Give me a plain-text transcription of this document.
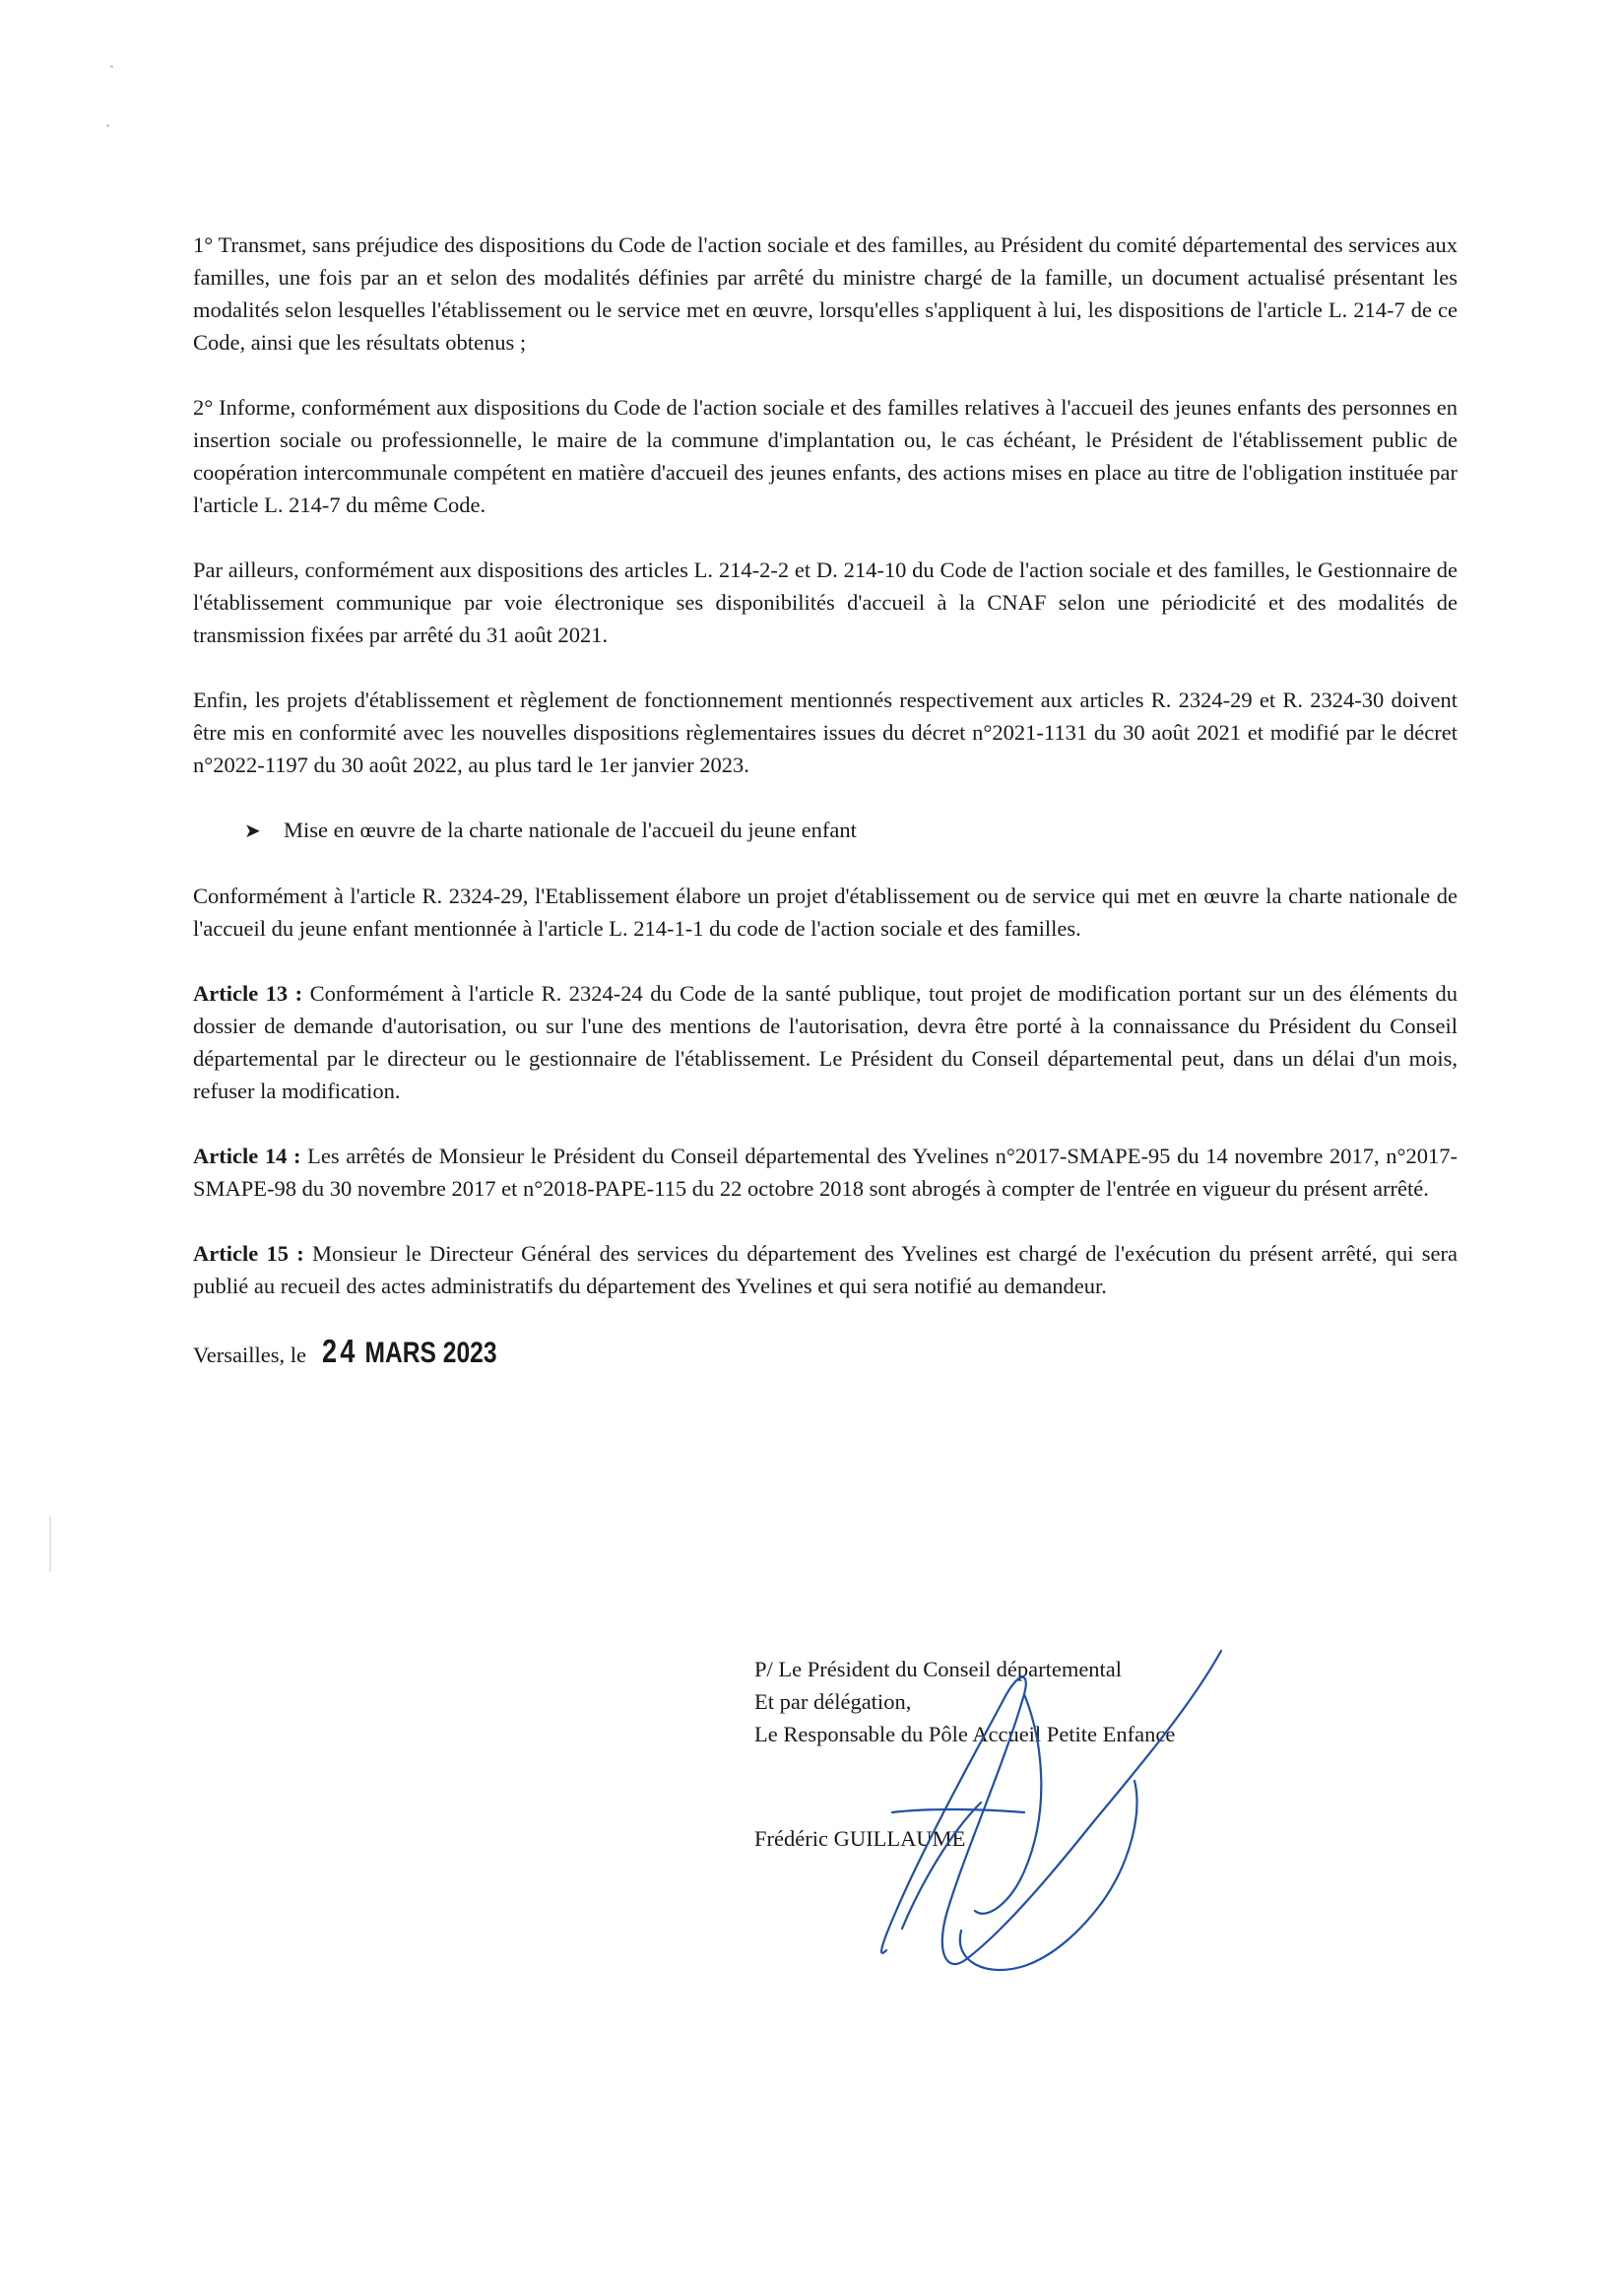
1° Transmet, sans préjudice des dispositions du Code de l'action sociale et des familles, au Président du comité départemental des services aux familles, une fois par an et selon des modalités définies par arrêté du ministre chargé de la famille, un document actualisé présentant les modalités selon lesquelles l'établissement ou le service met en œuvre, lorsqu'elles s'appliquent à lui, les dispositions de l'article L. 214-7 de ce Code, ainsi que les résultats obtenus ;

2° Informe, conformément aux dispositions du Code de l'action sociale et des familles relatives à l'accueil des jeunes enfants des personnes en insertion sociale ou professionnelle, le maire de la commune d'implantation ou, le cas échéant, le Président de l'établissement public de coopération intercommunale compétent en matière d'accueil des jeunes enfants, des actions mises en place au titre de l'obligation instituée par l'article L. 214-7 du même Code.

Par ailleurs, conformément aux dispositions des articles L. 214-2-2 et D. 214-10 du Code de l'action sociale et des familles, le Gestionnaire de l'établissement communique par voie électronique ses disponibilités d'accueil à la CNAF selon une périodicité et des modalités de transmission fixées par arrêté du 31 août 2021.

Enfin, les projets d'établissement et règlement de fonctionnement mentionnés respectivement aux articles R. 2324-29 et R. 2324-30 doivent être mis en conformité avec les nouvelles dispositions règlementaires issues du décret n°2021-1131 du 30 août 2021 et modifié par le décret n°2022-1197 du 30 août 2022, au plus tard le 1er janvier 2023.

➤	Mise en œuvre de la charte nationale de l'accueil du jeune enfant

Conformément à l'article R. 2324-29, l'Etablissement élabore un projet d'établissement ou de service qui met en œuvre la charte nationale de l'accueil du jeune enfant mentionnée à l'article L. 214-1-1 du code de l'action sociale et des familles.

Article 13 : Conformément à l'article R. 2324-24 du Code de la santé publique, tout projet de modification portant sur un des éléments du dossier de demande d'autorisation, ou sur l'une des mentions de l'autorisation, devra être porté à la connaissance du Président du Conseil départemental par le directeur ou le gestionnaire de l'établissement. Le Président du Conseil départemental peut, dans un délai d'un mois, refuser la modification.

Article 14 : Les arrêtés de Monsieur le Président du Conseil départemental des Yvelines n°2017-SMAPE-95 du 14 novembre 2017, n°2017-SMAPE-98 du 30 novembre 2017 et n°2018-PAPE-115 du 22 octobre 2018 sont abrogés à compter de l'entrée en vigueur du présent arrêté.

Article 15 : Monsieur le Directeur Général des services du département des Yvelines est chargé de l'exécution du présent arrêté, qui sera publié au recueil des actes administratifs du département des Yvelines et qui sera notifié au demandeur.

Versailles, le 24 MARS 2023
P/ Le Président du Conseil départemental
Et par délégation,
Le Responsable du Pôle Accueil Petite Enfance
Frédéric GUILLAUME
